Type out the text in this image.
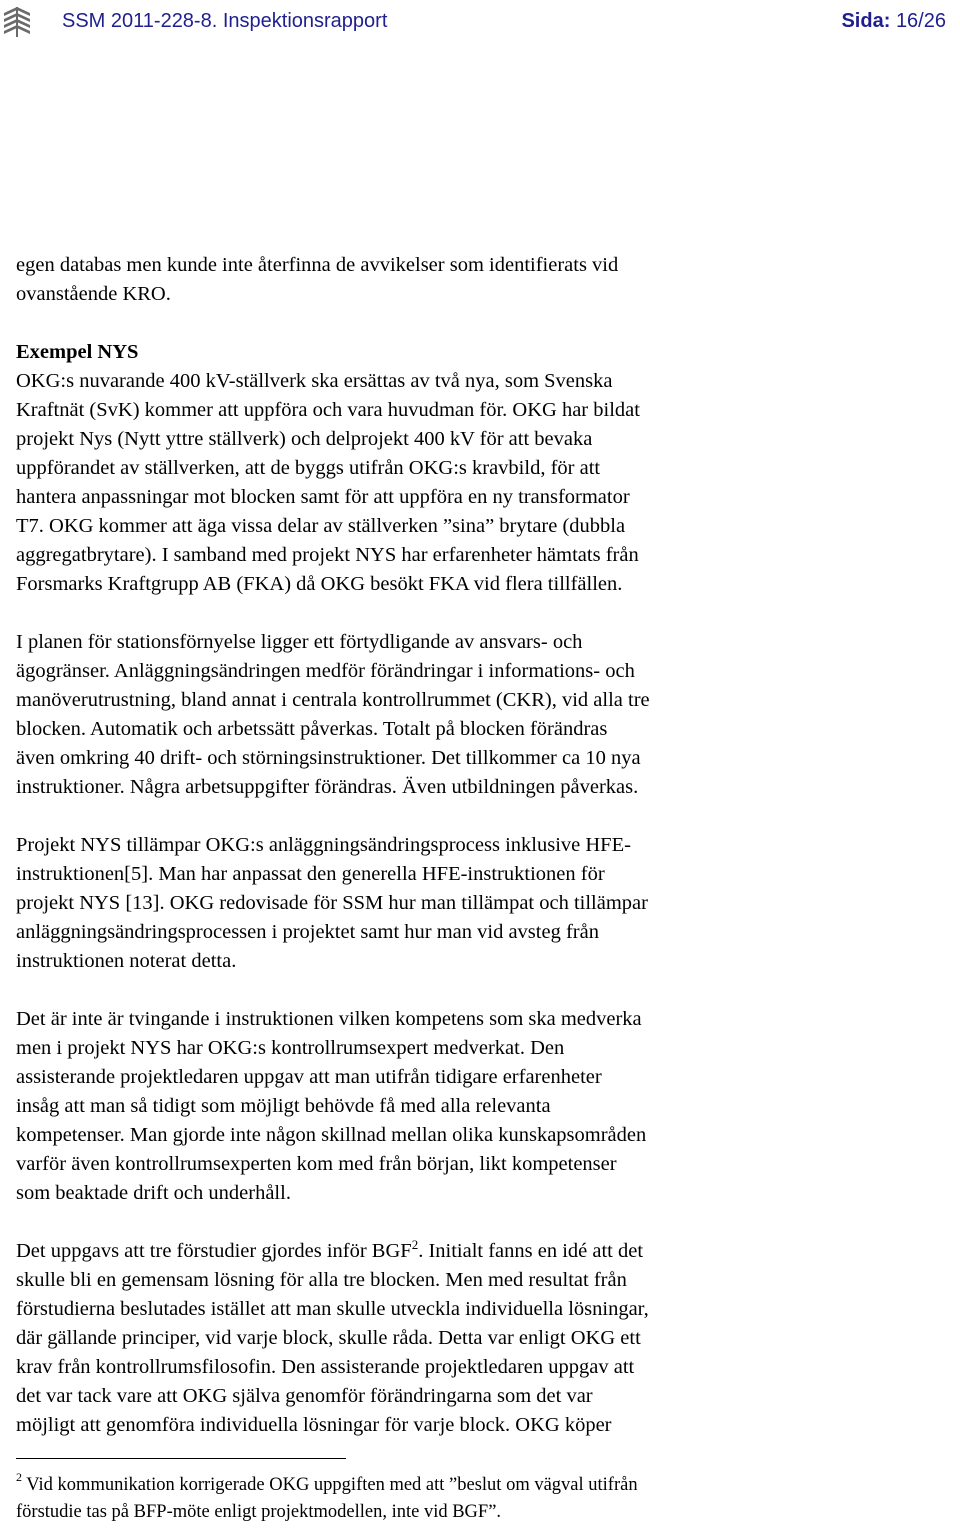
SSM 2011-228-8. Inspektionsrapport	Sida: 16/26
egen databas men kunde inte återfinna de avvikelser som identifierats vid
ovanstående KRO.
Exempel NYS
OKG:s nuvarande 400 kV-ställverk ska ersättas av två nya, som Svenska
Kraftnät (SvK) kommer att uppföra och vara huvudman för. OKG har bildat
projekt Nys (Nytt yttre ställverk) och delprojekt 400 kV för att bevaka
uppförandet av ställverken, att de byggs utifrån OKG:s kravbild, för att
hantera anpassningar mot blocken samt för att uppföra en ny transformator
T7. OKG kommer att äga vissa delar av ställverken ”sina” brytare (dubbla
aggregatbrytare). I samband med projekt NYS har erfarenheter hämtats från
Forsmarks Kraftgrupp AB (FKA) då OKG besökt FKA vid flera tillfällen.
I planen för stationsförnyelse ligger ett förtydligande av ansvars- och
ägogränser. Anläggningsändringen medför förändringar i informations- och
manöverutrustning, bland annat i centrala kontrollrummet (CKR), vid alla tre
blocken. Automatik och arbetssätt påverkas. Totalt på blocken förändras
även omkring 40 drift- och störningsinstruktioner. Det tillkommer ca 10 nya
instruktioner. Några arbetsuppgifter förändras. Även utbildningen påverkas.
Projekt NYS tillämpar OKG:s anläggningsändringsprocess inklusive HFE-
instruktionen[5]. Man har anpassat den generella HFE-instruktionen för
projekt NYS [13]. OKG redovisade för SSM hur man tillämpat och tillämpar
anläggningsändringsprocessen i projektet samt hur man vid avsteg från
instruktionen noterat detta.
Det är inte är tvingande i instruktionen vilken kompetens som ska medverka
men i projekt NYS har OKG:s kontrollrumsexpert medverkat. Den
assisterande projektledaren uppgav att man utifrån tidigare erfarenheter
insåg att man så tidigt som möjligt behövde få med alla relevanta
kompetenser. Man gjorde inte någon skillnad mellan olika kunskapsområden
varför även kontrollrumsexperten kom med från början, likt kompetenser
som beaktade drift och underhåll.
Det uppgavs att tre förstudier gjordes inför BGF$^2$. Initialt fanns en idé att det
skulle bli en gemensam lösning för alla tre blocken. Men med resultat från
förstudierna beslutades istället att man skulle utveckla individuella lösningar,
där gällande principer, vid varje block, skulle råda. Detta var enligt OKG ett
krav från kontrollrumsfilosofin. Den assisterande projektledaren uppgav att
det var tack vare att OKG själva genomför förändringarna som det var
möjligt att genomföra individuella lösningar för varje block. OKG köper
$^2$ Vid kommunikation korrigerade OKG uppgiften med att ”beslut om vägval utifrån
förstudie tas på BFP-möte enligt projektmodellen, inte vid BGF”.
